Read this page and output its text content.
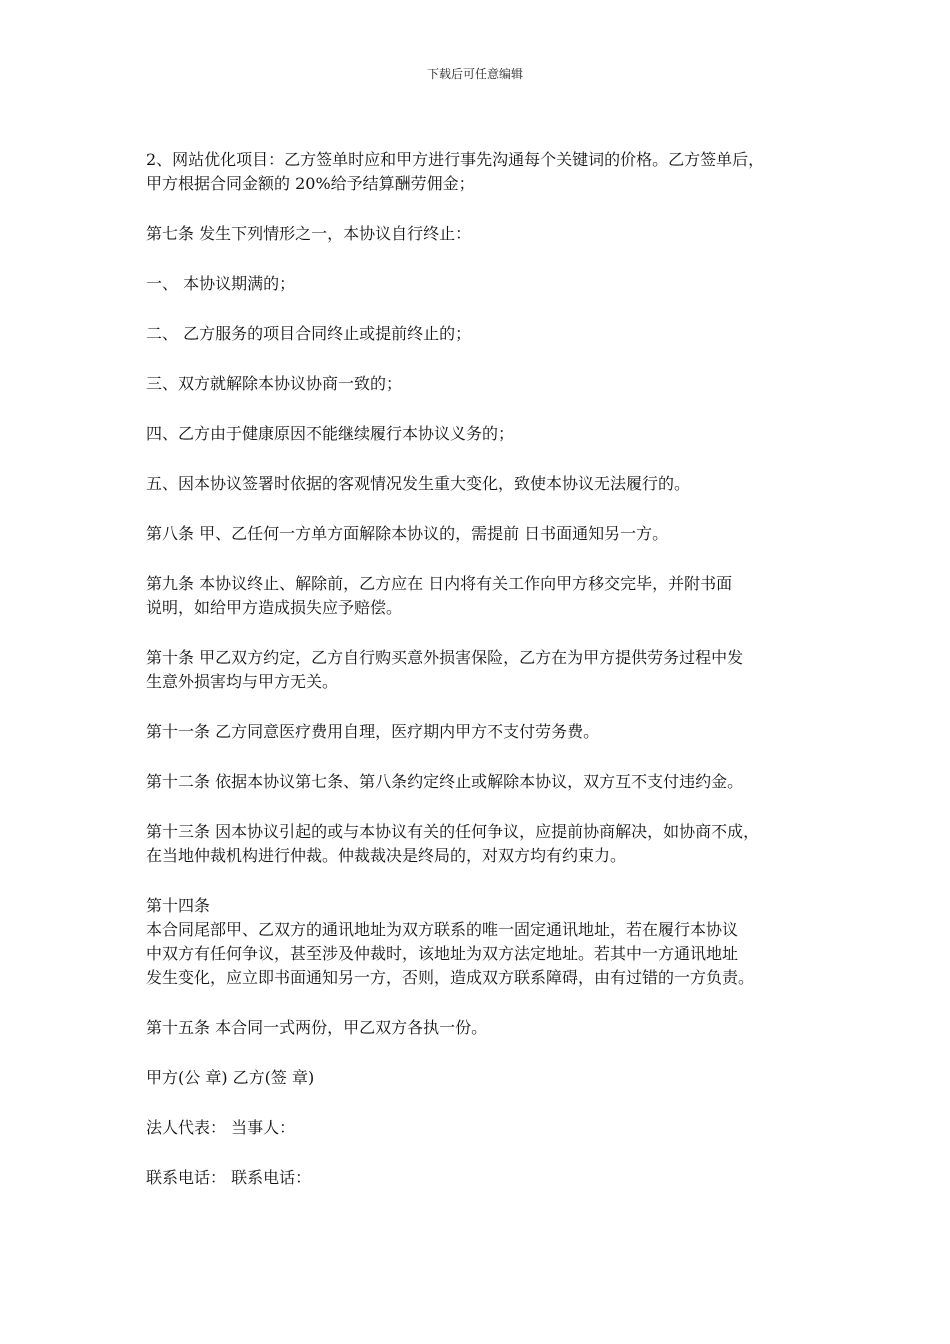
下载后可任意编辑
2、网站优化项目：乙方签单时应和甲方进行事先沟通每个关键词的价格。乙方签单后，
甲方根据合同金额的 20%给予结算酬劳佣金；
第七条 发生下列情形之一，本协议自行终止：
一、 本协议期满的；
二、 乙方服务的项目合同终止或提前终止的；
三、双方就解除本协议协商一致的；
四、乙方由于健康原因不能继续履行本协议义务的；
五、因本协议签署时依据的客观情况发生重大变化，致使本协议无法履行的。
第八条 甲、乙任何一方单方面解除本协议的，需提前 日书面通知另一方。
第九条 本协议终止、解除前，乙方应在 日内将有关工作向甲方移交完毕，并附书面
说明，如给甲方造成损失应予赔偿。
第十条 甲乙双方约定，乙方自行购买意外损害保险，乙方在为甲方提供劳务过程中发
生意外损害均与甲方无关。
第十一条 乙方同意医疗费用自理，医疗期内甲方不支付劳务费。
第十二条 依据本协议第七条、第八条约定终止或解除本协议，双方互不支付违约金。
第十三条 因本协议引起的或与本协议有关的任何争议，应提前协商解决，如协商不成，
在当地仲裁机构进行仲裁。仲裁裁决是终局的，对双方均有约束力。
第十四条
本合同尾部甲、乙双方的通讯地址为双方联系的唯一固定通讯地址，若在履行本协议
中双方有任何争议，甚至涉及仲裁时，该地址为双方法定地址。若其中一方通讯地址
发生变化，应立即书面通知另一方，否则，造成双方联系障碍，由有过错的一方负责。
第十五条 本合同一式两份，甲乙双方各执一份。
甲方(公 章) 乙方(签 章)
法人代表： 当事人：
联系电话： 联系电话：
